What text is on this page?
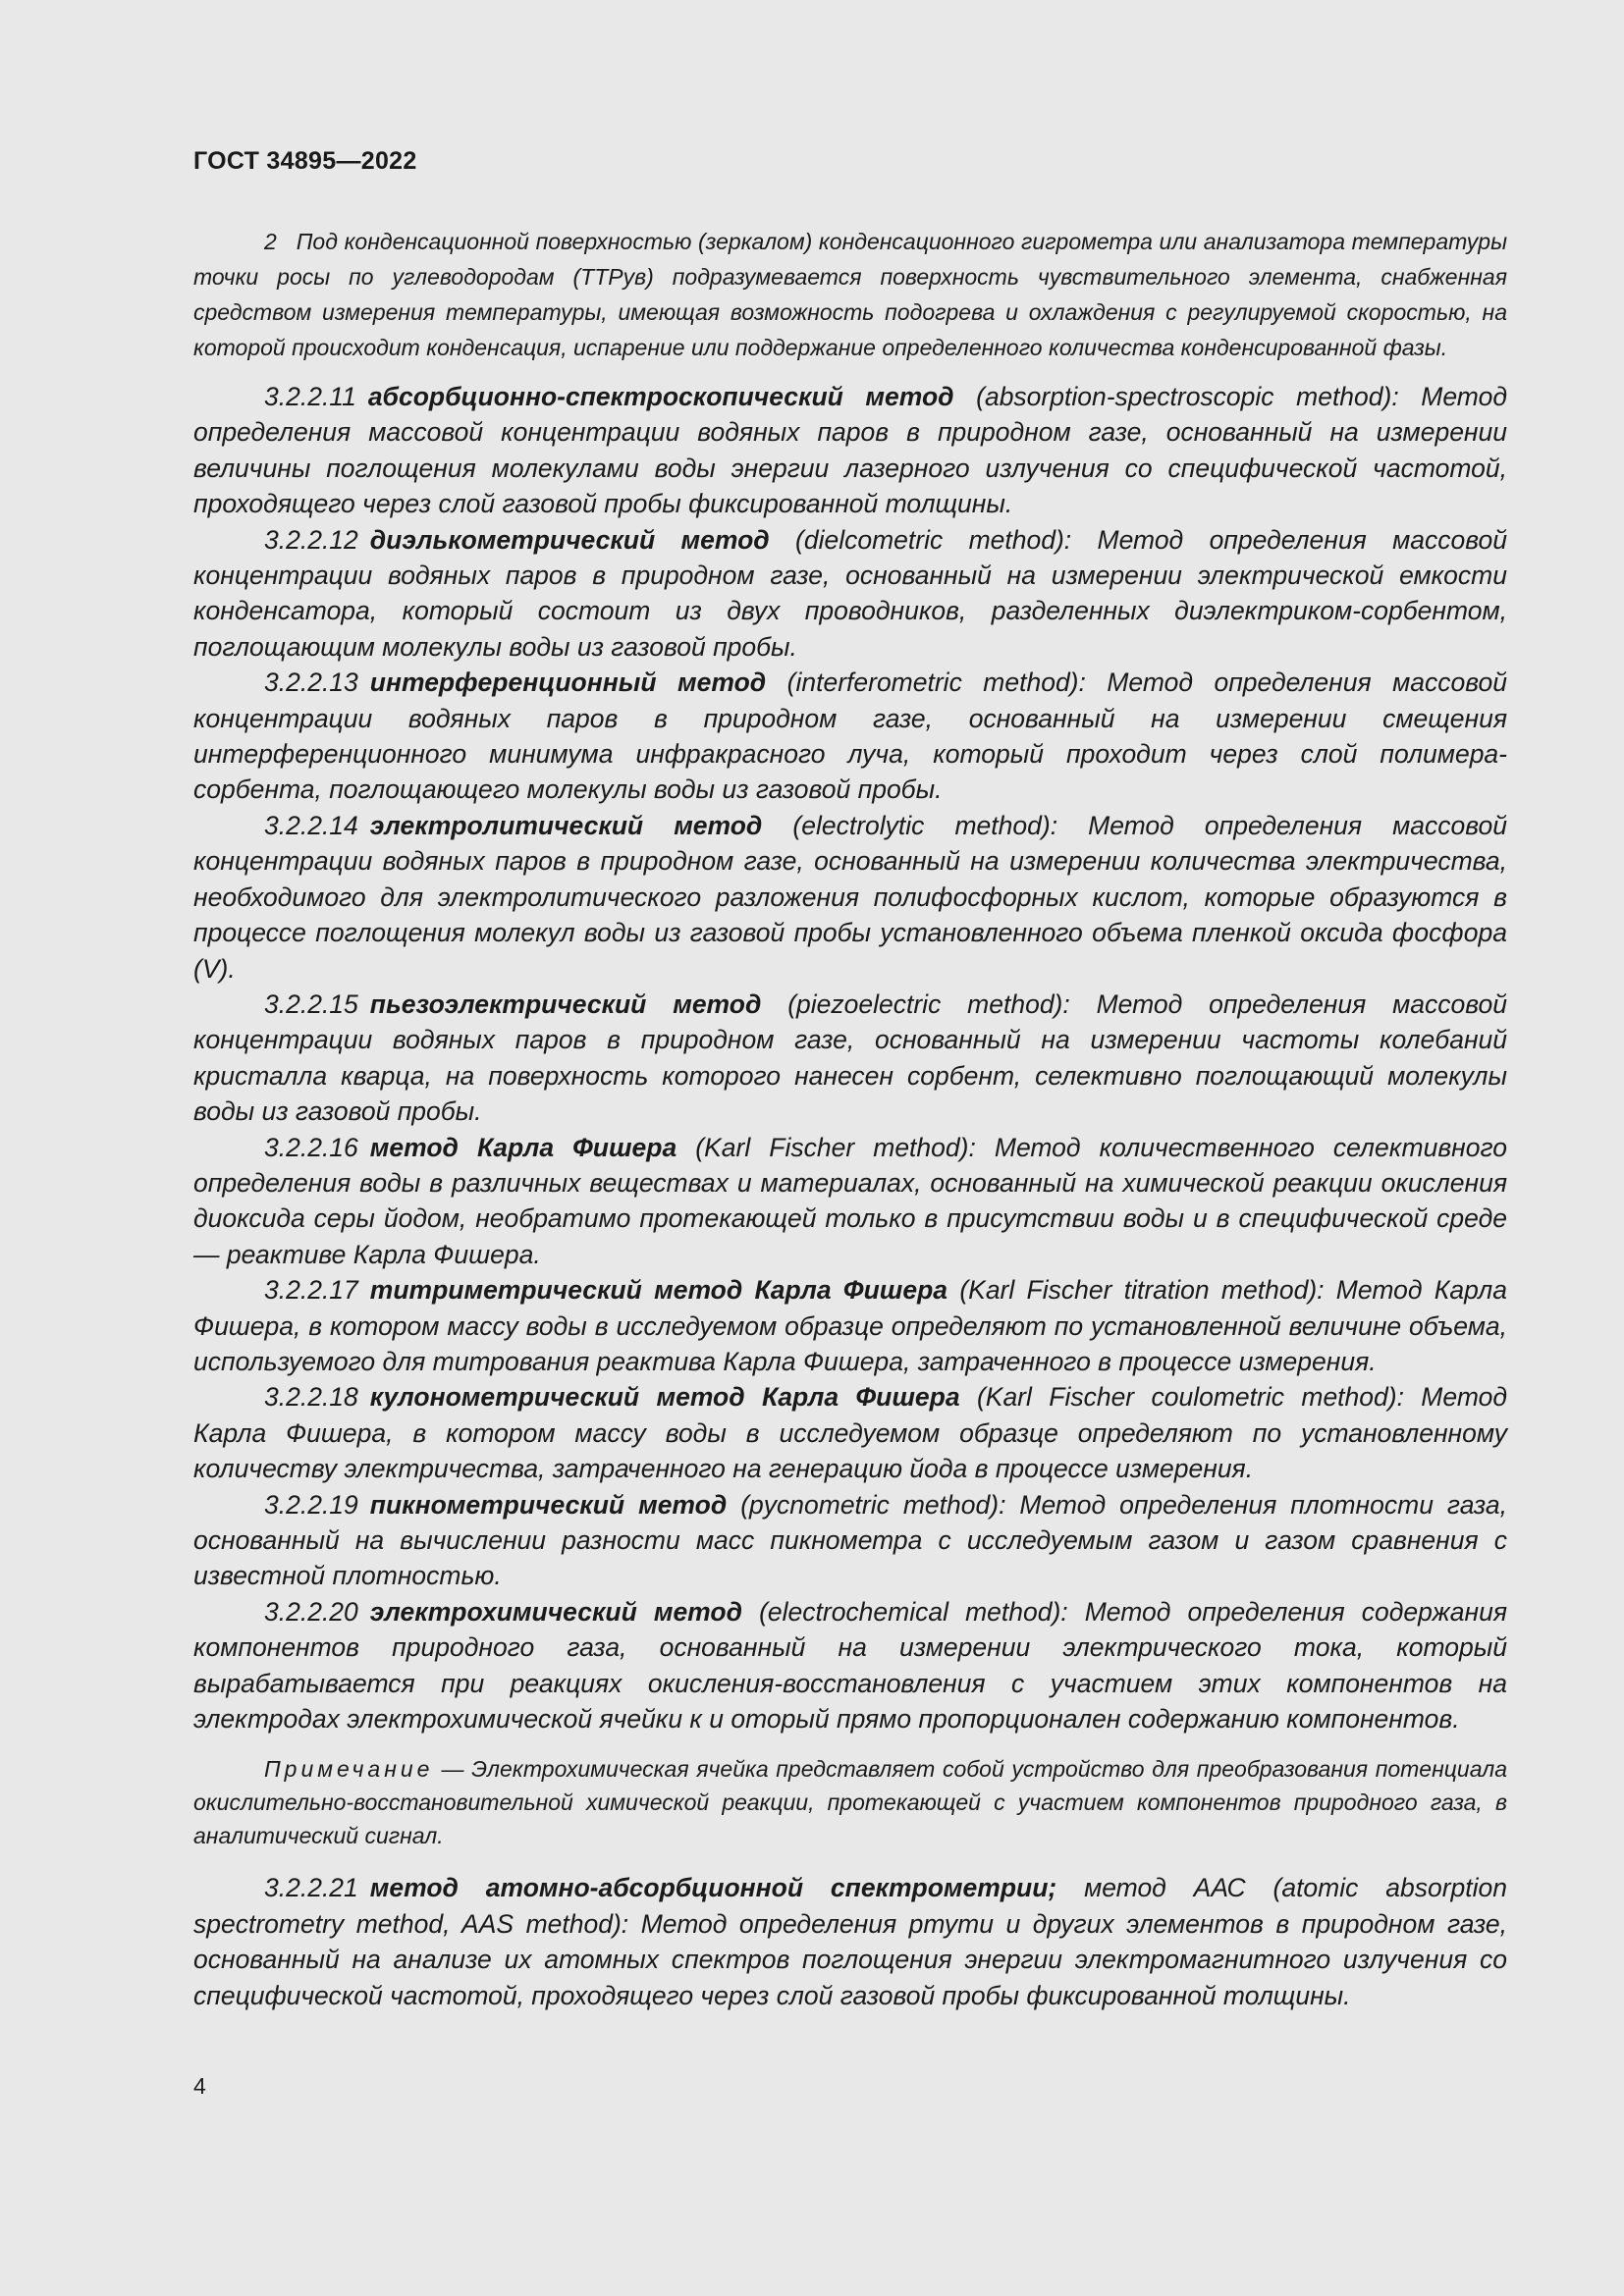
ГОСТ 34895—2022

2 Под конденсационной поверхностью (зеркалом) конденсационного гигрометра или анализатора температуры точки росы по углеводородам (ТТРув) подразумевается поверхность чувствительного элемента, снабженная средством измерения температуры, имеющая возможность подогрева и охлаждения с регулируемой скоростью, на которой происходит конденсация, испарение или поддержание определенного количества конденсированной фазы.

3.2.2.11 абсорбционно-спектроскопический метод (absorption-spectroscopic method): Метод определения массовой концентрации водяных паров в природном газе, основанный на измерении величины поглощения молекулами воды энергии лазерного излучения со специфической частотой, проходящего через слой газовой пробы фиксированной толщины.

3.2.2.12 диэлькометрический метод (dielcometric method): Метод определения массовой концентрации водяных паров в природном газе, основанный на измерении электрической емкости конденсатора, который состоит из двух проводников, разделенных диэлектриком-сорбентом, поглощающим молекулы воды из газовой пробы.

3.2.2.13 интерференционный метод (interferometric method): Метод определения массовой концентрации водяных паров в природном газе, основанный на измерении смещения интерференционного минимума инфракрасного луча, который проходит через слой полимера-сорбента, поглощающего молекулы воды из газовой пробы.

3.2.2.14 электролитический метод (electrolytic method): Метод определения массовой концентрации водяных паров в природном газе, основанный на измерении количества электричества, необходимого для электролитического разложения полифосфорных кислот, которые образуются в процессе поглощения молекул воды из газовой пробы установленного объема пленкой оксида фосфора (V).

3.2.2.15 пьезоэлектрический метод (piezoelectric method): Метод определения массовой концентрации водяных паров в природном газе, основанный на измерении частоты колебаний кристалла кварца, на поверхность которого нанесен сорбент, селективно поглощающий молекулы воды из газовой пробы.

3.2.2.16 метод Карла Фишера (Karl Fischer method): Метод количественного селективного определения воды в различных веществах и материалах, основанный на химической реакции окисления диоксида серы йодом, необратимо протекающей только в присутствии воды и в специфической среде — реактиве Карла Фишера.

3.2.2.17 титриметрический метод Карла Фишера (Karl Fischer titration method): Метод Карла Фишера, в котором массу воды в исследуемом образце определяют по установленной величине объема, используемого для титрования реактива Карла Фишера, затраченного в процессе измерения.

3.2.2.18 кулонометрический метод Карла Фишера (Karl Fischer coulometric method): Метод Карла Фишера, в котором массу воды в исследуемом образце определяют по установленному количеству электричества, затраченного на генерацию йода в процессе измерения.

3.2.2.19 пикнометрический метод (pycnometric method): Метод определения плотности газа, основанный на вычислении разности масс пикнометра с исследуемым газом и газом сравнения с известной плотностью.

3.2.2.20 электрохимический метод (electrochemical method): Метод определения содержания компонентов природного газа, основанный на измерении электрического тока, который вырабатывается при реакциях окисления-восстановления с участием этих компонентов на электродах электрохимической ячейки к и оторый прямо пропорционален содержанию компонентов.

Примечание — Электрохимическая ячейка представляет собой устройство для преобразования потенциала окислительно-восстановительной химической реакции, протекающей с участием компонентов природного газа, в аналитический сигнал.

3.2.2.21 метод атомно-абсорбционной спектрометрии; метод ААС (atomic absorption spectrometry method, AAS method): Метод определения ртути и других элементов в природном газе, основанный на анализе их атомных спектров поглощения энергии электромагнитного излучения со специфической частотой, проходящего через слой газовой пробы фиксированной толщины.

4
